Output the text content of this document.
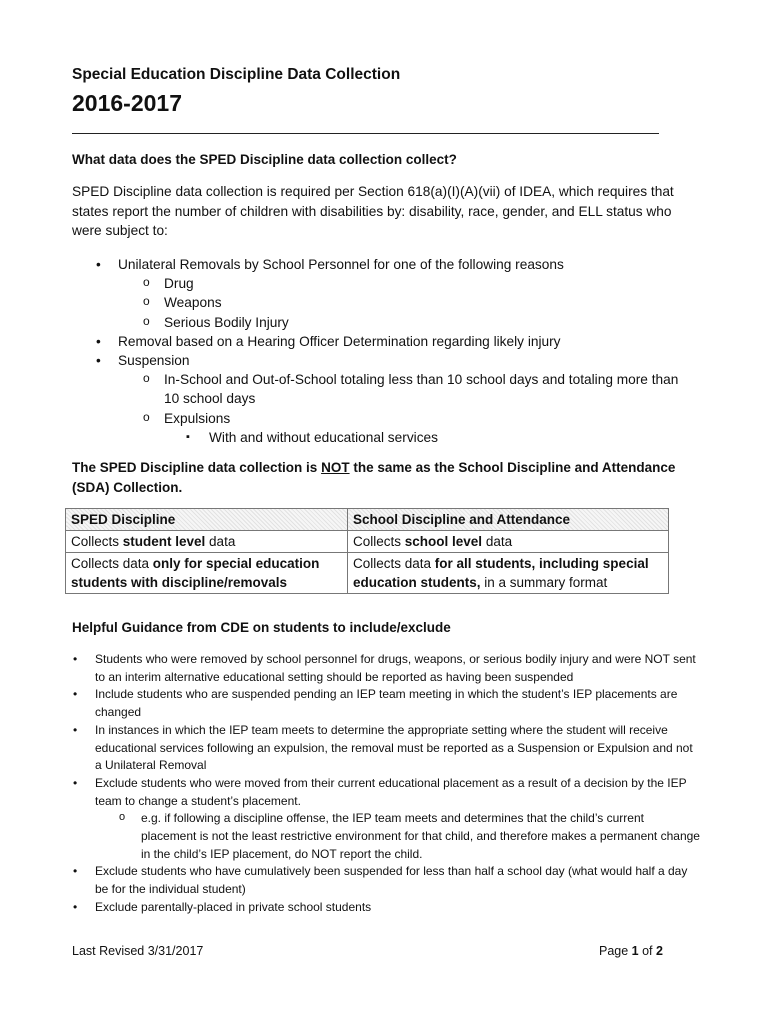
Special Education Discipline Data Collection
2016-2017
What data does the SPED Discipline data collection collect?
SPED Discipline data collection is required per Section 618(a)(I)(A)(vii) of IDEA, which requires that states report the number of children with disabilities by: disability, race, gender, and ELL status who were subject to:
• Unilateral Removals by School Personnel for one of the following reasons
o Drug
o Weapons
o Serious Bodily Injury
• Removal based on a Hearing Officer Determination regarding likely injury
• Suspension
o In-School and Out-of-School totaling less than 10 school days and totaling more than 10 school days
o Expulsions
▪ With and without educational services
The SPED Discipline data collection is NOT the same as the School Discipline and Attendance (SDA) Collection.
SPED Discipline	School Discipline and Attendance
Collects student level data	Collects school level data
Collects data only for special education students with discipline/removals	Collects data for all students, including special education students, in a summary format
Helpful Guidance from CDE on students to include/exclude
• Students who were removed by school personnel for drugs, weapons, or serious bodily injury and were NOT sent to an interim alternative educational setting should be reported as having been suspended
• Include students who are suspended pending an IEP team meeting in which the student’s IEP placements are changed
• In instances in which the IEP team meets to determine the appropriate setting where the student will receive educational services following an expulsion, the removal must be reported as a Suspension or Expulsion and not a Unilateral Removal
• Exclude students who were moved from their current educational placement as a result of a decision by the IEP team to change a student’s placement.
o e.g. if following a discipline offense, the IEP team meets and determines that the child’s current placement is not the least restrictive environment for that child, and therefore makes a permanent change in the child’s IEP placement, do NOT report the child.
• Exclude students who have cumulatively been suspended for less than half a school day (what would half a day be for the individual student)
• Exclude parentally-placed in private school students
Last Revised 3/31/2017	Page 1 of 2
